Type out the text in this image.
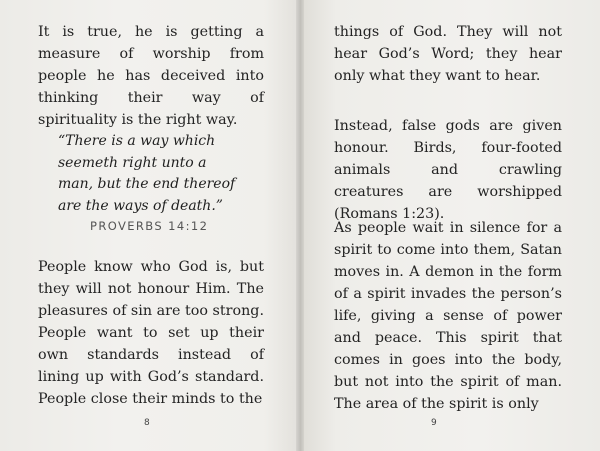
It is true, he is getting a measure of worship from people he has deceived into thinking their way of spirituality is the right way.

“There is a way which seemeth right unto a man, but the end thereof are the ways of death.”

PROVERBS 14:12

People know who God is, but they will not honour Him. The pleasures of sin are too strong. People want to set up their own standards instead of lining up with God’s standard. People close their minds to the

8

things of God. They will not hear God’s Word; they hear only what they want to hear.

Instead, false gods are given honour. Birds, four-footed animals and crawling creatures are worshipped (Romans 1:23).

As people wait in silence for a spirit to come into them, Satan moves in. A demon in the form of a spirit invades the person’s life, giving a sense of power and peace. This spirit that comes in goes into the body, but not into the spirit of man. The area of the spirit is only

9
